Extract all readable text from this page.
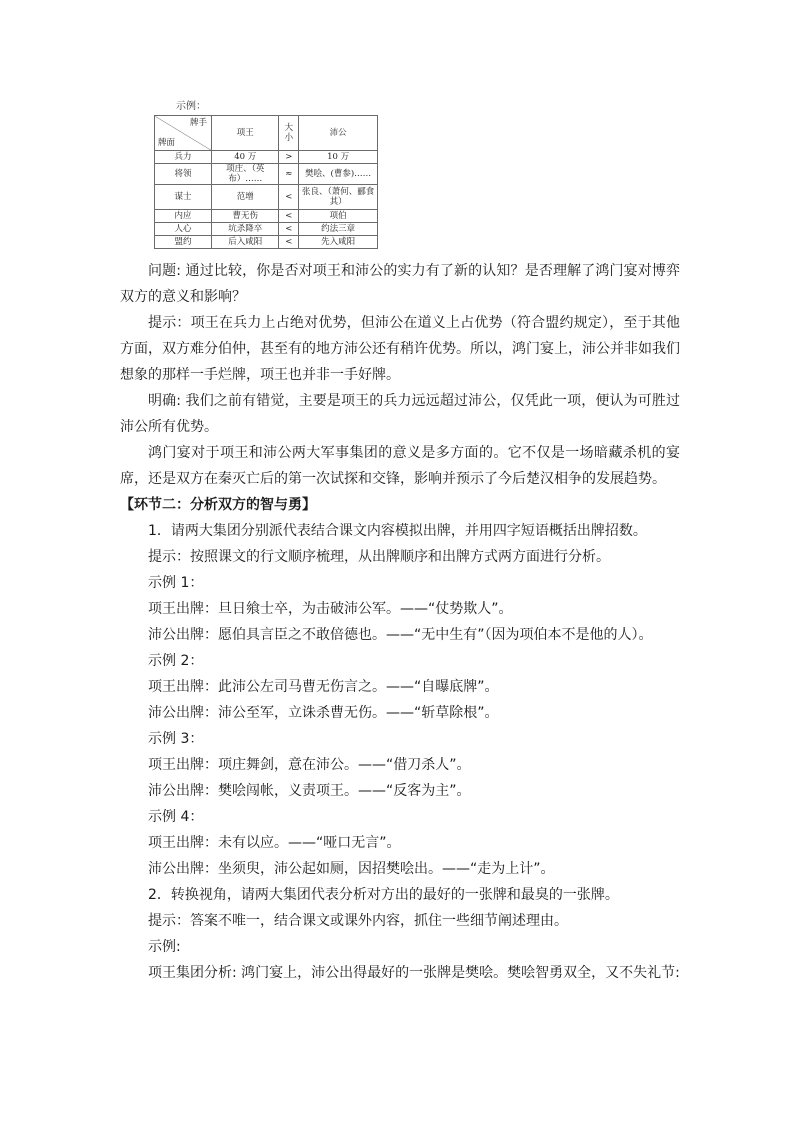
示例：
牌手
牌面	项王	大小	沛公
兵力	40 万	>	10 万
将领	项庄、（英布）……	≈	樊哙、(曹参)……
谋士	范增	<	张良、（萧何、郦食其）
内应	曹无伤	<	项伯
人心	坑杀降卒	<	约法三章
盟约	后入咸阳	<	先入咸阳

问题: 通过比较，你是否对项王和沛公的实力有了新的认知？是否理解了鸿门宴对博弈双方的意义和影响？

提示：项王在兵力上占绝对优势，但沛公在道义上占优势（符合盟约规定），至于其他方面，双方难分伯仲，甚至有的地方沛公还有稍许优势。所以，鸿门宴上，沛公并非如我们想象的那样一手烂牌，项王也并非一手好牌。

明确: 我们之前有错觉，主要是项王的兵力远远超过沛公，仅凭此一项，便认为可胜过沛公所有优势。

鸿门宴对于项王和沛公两大军事集团的意义是多方面的。它不仅是一场暗藏杀机的宴席，还是双方在秦灭亡后的第一次试探和交锋，影响并预示了今后楚汉相争的发展趋势。

【环节二：分析双方的智与勇】

1．请两大集团分别派代表结合课文内容模拟出牌，并用四字短语概括出牌招数。

提示：按照课文的行文顺序梳理，从出牌顺序和出牌方式两方面进行分析。

示例 1：

项王出牌：旦日飨士卒，为击破沛公军。——“仗势欺人”。

沛公出牌：愿伯具言臣之不敢倍德也。——“无中生有”（因为项伯本不是他的人）。

示例 2：

项王出牌：此沛公左司马曹无伤言之。——“自曝底牌”。

沛公出牌：沛公至军，立诛杀曹无伤。——“斩草除根”。

示例 3：

项王出牌：项庄舞剑，意在沛公。——“借刀杀人”。

沛公出牌：樊哙闯帐，义责项王。——“反客为主”。

示例 4：

项王出牌：未有以应。——“哑口无言”。

沛公出牌：坐须臾，沛公起如厕，因招樊哙出。——“走为上计”。

2．转换视角，请两大集团代表分析对方出的最好的一张牌和最臭的一张牌。

提示：答案不唯一，结合课文或课外内容，抓住一些细节阐述理由。

示例:

项王集团分析: 鸿门宴上，沛公出得最好的一张牌是樊哙。樊哙智勇双全，又不失礼节:
